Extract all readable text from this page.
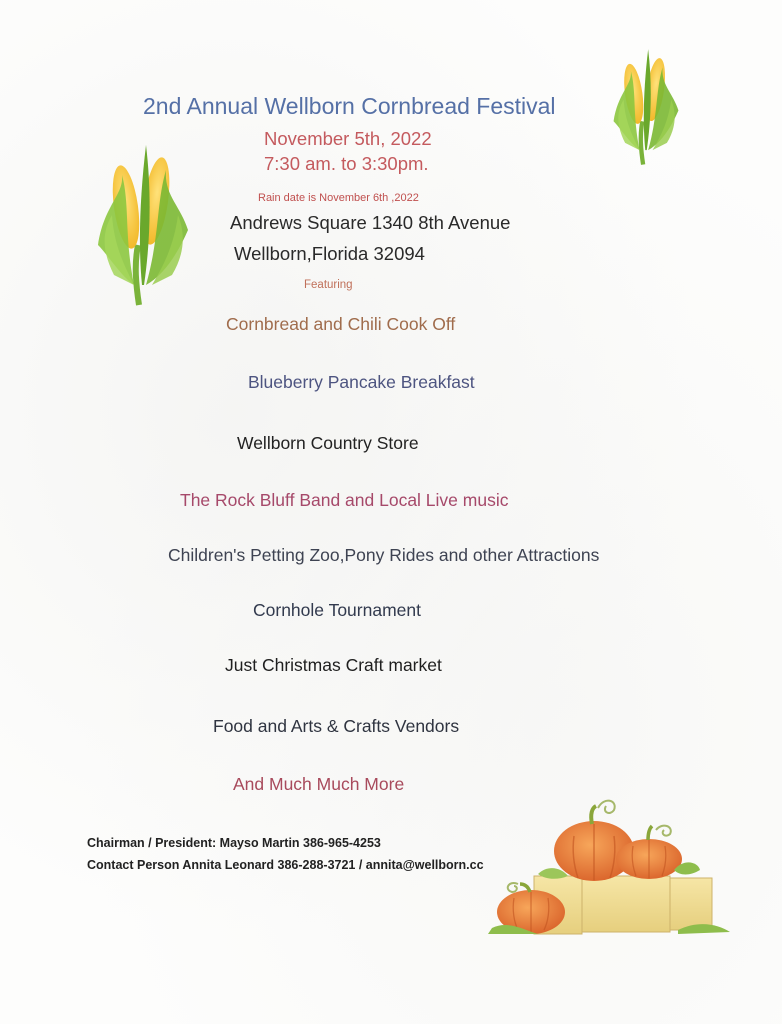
2nd Annual Wellborn Cornbread Festival
November 5th, 2022
7:30 am. to 3:30pm.
Rain date is November 6th ,2022
Andrews Square 1340 8th Avenue
Wellborn,Florida 32094
Featuring
Cornbread and Chili Cook Off
Blueberry Pancake Breakfast
Wellborn Country Store
The Rock Bluff Band and Local Live music
Children's Petting Zoo,Pony Rides and other Attractions
Cornhole Tournament
Just Christmas Craft market
Food and Arts & Crafts Vendors
And Much Much More
Chairman / President: Mayso Martin 386-965-4253
Contact Person Annita Leonard 386-288-3721 / annita@wellborn.cc
